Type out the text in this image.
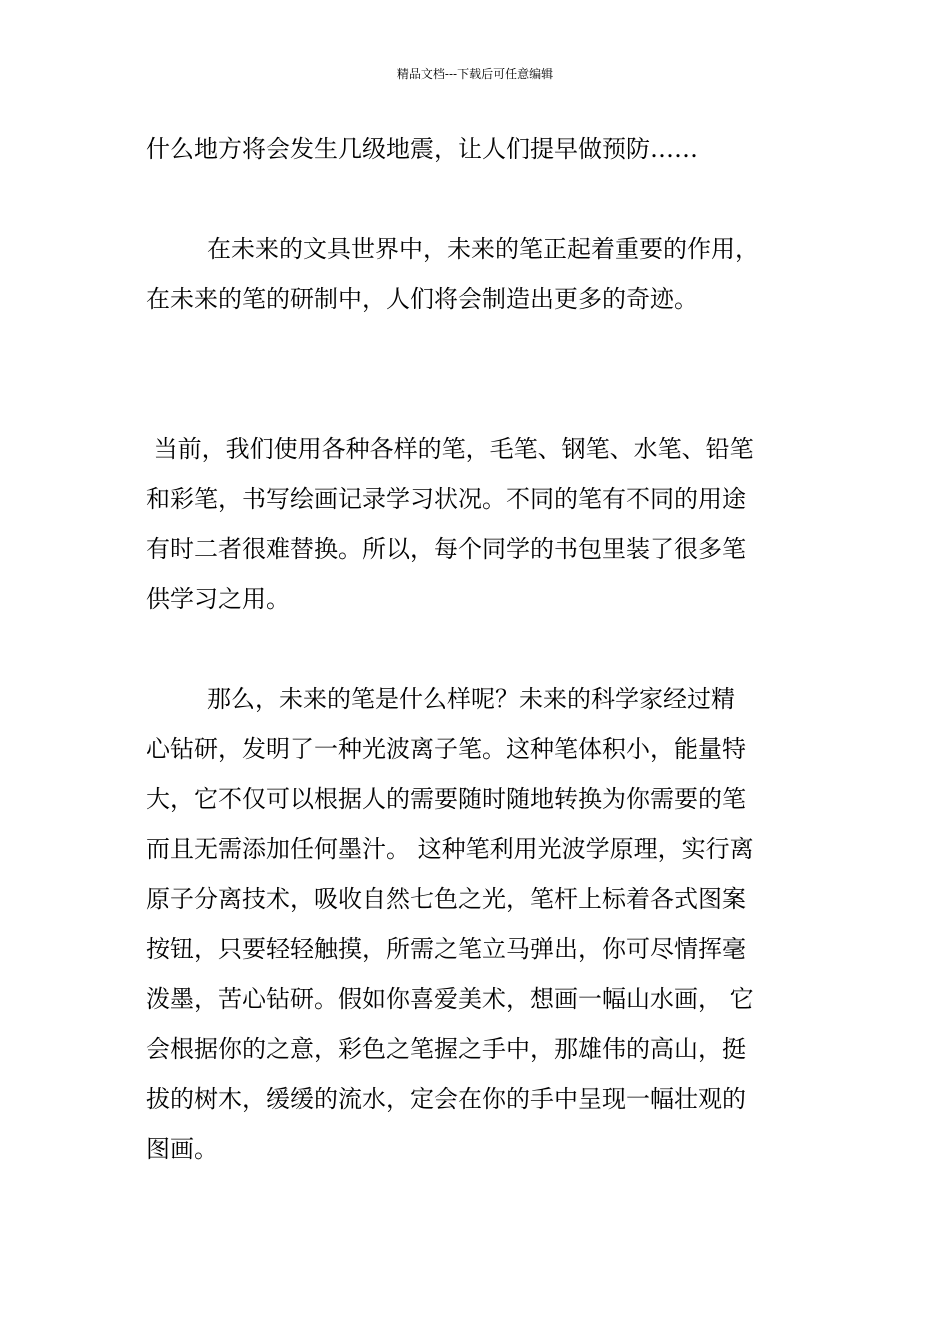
精品文档---下载后可任意编辑
什么地方将会发生几级地震，让人们提早做预防……
在未来的文具世界中，未来的笔正起着重要的作用，
在未来的笔的研制中，人们将会制造出更多的奇迹。
当前，我们使用各种各样的笔，毛笔、钢笔、水笔、铅笔
和彩笔，书写绘画记录学习状况。不同的笔有不同的用途
有时二者很难替换。所以，每个同学的书包里装了很多笔
供学习之用。
那么，未来的笔是什么样呢？未来的科学家经过精
心钻研，发明了一种光波离子笔。这种笔体积小，能量特
大，它不仅可以根据人的需要随时随地转换为你需要的笔
而且无需添加任何墨汁。 这种笔利用光波学原理，实行离
原子分离技术，吸收自然七色之光，笔杆上标着各式图案
按钮，只要轻轻触摸，所需之笔立马弹出，你可尽情挥毫
泼墨，苦心钻研。假如你喜爱美术，想画一幅山水画， 它
会根据你的之意，彩色之笔握之手中，那雄伟的高山，挺
拔的树木，缓缓的流水，定会在你的手中呈现一幅壮观的
图画。
